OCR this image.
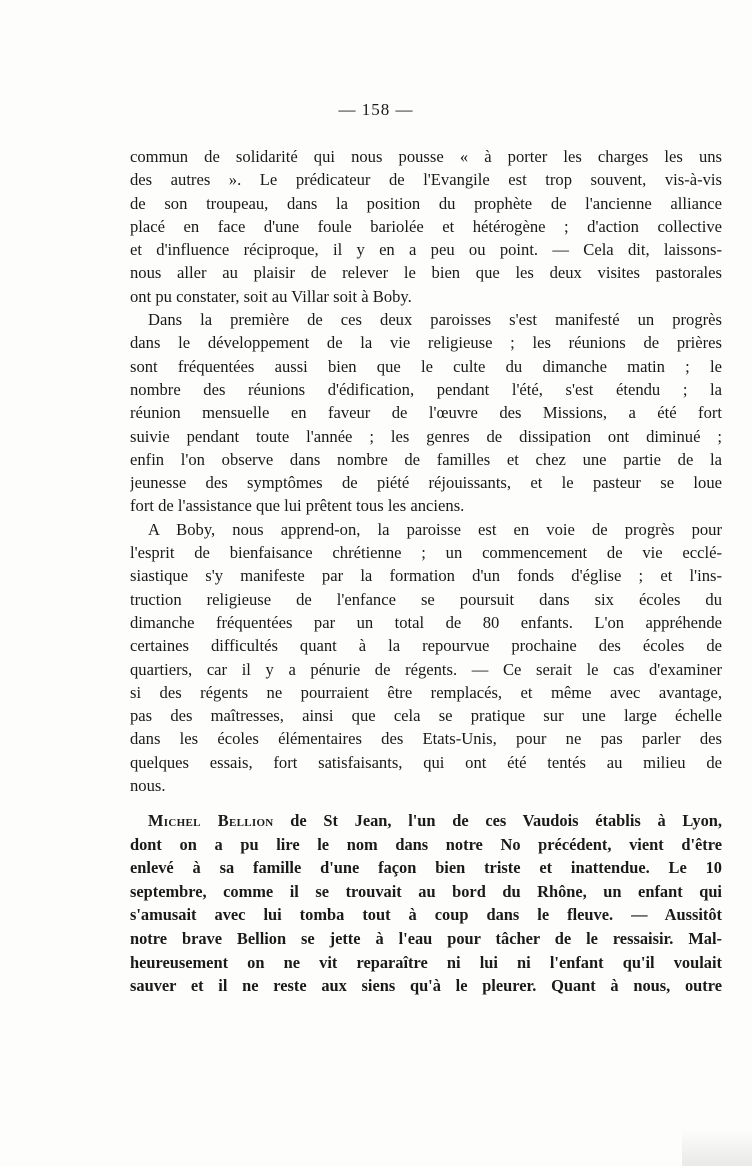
— 158 —
commun de solidarité qui nous pousse « à porter les charges les uns
des autres ». Le prédicateur de l'Evangile est trop souvent, vis-à-vis
de son troupeau, dans la position du prophète de l'ancienne alliance
placé en face d'une foule bariolée et hétérogène ; d'action collective
et d'influence réciproque, il y en a peu ou point. — Cela dit, laissons-
nous aller au plaisir de relever le bien que les deux visites pastorales
ont pu constater, soit au Villar soit à Boby.
Dans la première de ces deux paroisses s'est manifesté un progrès
dans le développement de la vie religieuse ; les réunions de prières
sont fréquentées aussi bien que le culte du dimanche matin ; le
nombre des réunions d'édification, pendant l'été, s'est étendu ; la
réunion mensuelle en faveur de l'œuvre des Missions, a été fort
suivie pendant toute l'année ; les genres de dissipation ont diminué ;
enfin l'on observe dans nombre de familles et chez une partie de la
jeunesse des symptômes de piété réjouissants, et le pasteur se loue
fort de l'assistance que lui prêtent tous les anciens.
A Boby, nous apprend-on, la paroisse est en voie de progrès pour
l'esprit de bienfaisance chrétienne ; un commencement de vie ecclé-
siastique s'y manifeste par la formation d'un fonds d'église ; et l'ins-
truction religieuse de l'enfance se poursuit dans six écoles du
dimanche fréquentées par un total de 80 enfants. L'on appréhende
certaines difficultés quant à la repourvue prochaine des écoles de
quartiers, car il y a pénurie de régents. — Ce serait le cas d'examiner
si des régents ne pourraient être remplacés, et même avec avantage,
pas des maîtresses, ainsi que cela se pratique sur une large échelle
dans les écoles élémentaires des Etats-Unis, pour ne pas parler des
quelques essais, fort satisfaisants, qui ont été tentés au milieu de
nous.
Michel Bellion de St Jean, l'un de ces Vaudois établis à Lyon,
dont on a pu lire le nom dans notre No précédent, vient d'être
enlevé à sa famille d'une façon bien triste et inattendue. Le 10
septembre, comme il se trouvait au bord du Rhône, un enfant qui
s'amusait avec lui tomba tout à coup dans le fleuve. — Aussitôt
notre brave Bellion se jette à l'eau pour tâcher de le ressaisir. Mal-
heureusement on ne vit reparaître ni lui ni l'enfant qu'il voulait
sauver et il ne reste aux siens qu'à le pleurer. Quant à nous, outre
